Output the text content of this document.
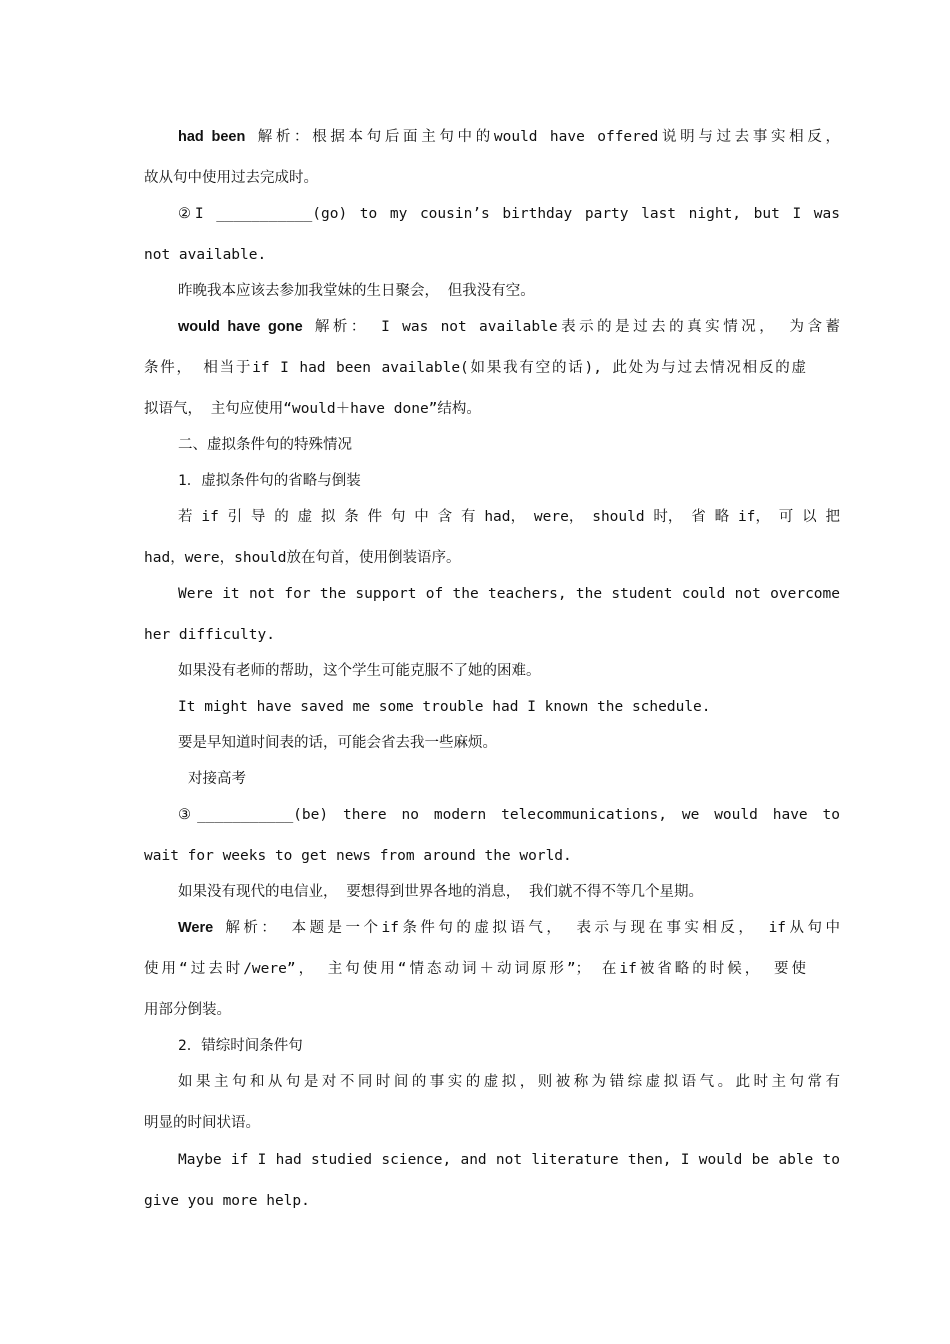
had been 解析：根据本句后面主句中的would have offered说明与过去事实相反，
故从句中使用过去完成时。
②I ___________(go) to my cousin’s birthday party last night, but I was
not available.
昨晚我本应该去参加我堂妹的生日聚会， 但我没有空。
would have gone 解析： I was not available表示的是过去的真实情况， 为含蓄
条件， 相当于if I had been available(如果我有空的话), 此处为与过去情况相反的虚
拟语气， 主句应使用“would＋have done”结构。
二、虚拟条件句的特殊情况
1．虚拟条件句的省略与倒装
若 if 引 导 的 虚 拟 条 件 句 中 含 有 had， were， should 时， 省 略 if， 可 以 把
had，were，should放在句首，使用倒装语序。
Were it not for the support of the teachers, the student could not overcome
her difficulty.
如果没有老师的帮助，这个学生可能克服不了她的困难。
It might have saved me some trouble had I known the schedule.
要是早知道时间表的话，可能会省去我一些麻烦。
对接高考
③___________(be) there no modern telecommunications, we would have to
wait for weeks to get news from around the world.
如果没有现代的电信业， 要想得到世界各地的消息， 我们就不得不等几个星期。
Were 解析： 本题是一个if条件句的虚拟语气， 表示与现在事实相反， if从句中
使用“过去时/were”， 主句使用“情态动词＋动词原形”； 在if被省略的时候， 要使
用部分倒装。
2．错综时间条件句
如果主句和从句是对不同时间的事实的虚拟，则被称为错综虚拟语气。此时主句常有
明显的时间状语。
Maybe if I had studied science, and not literature then, I would be able to
give you more help.
